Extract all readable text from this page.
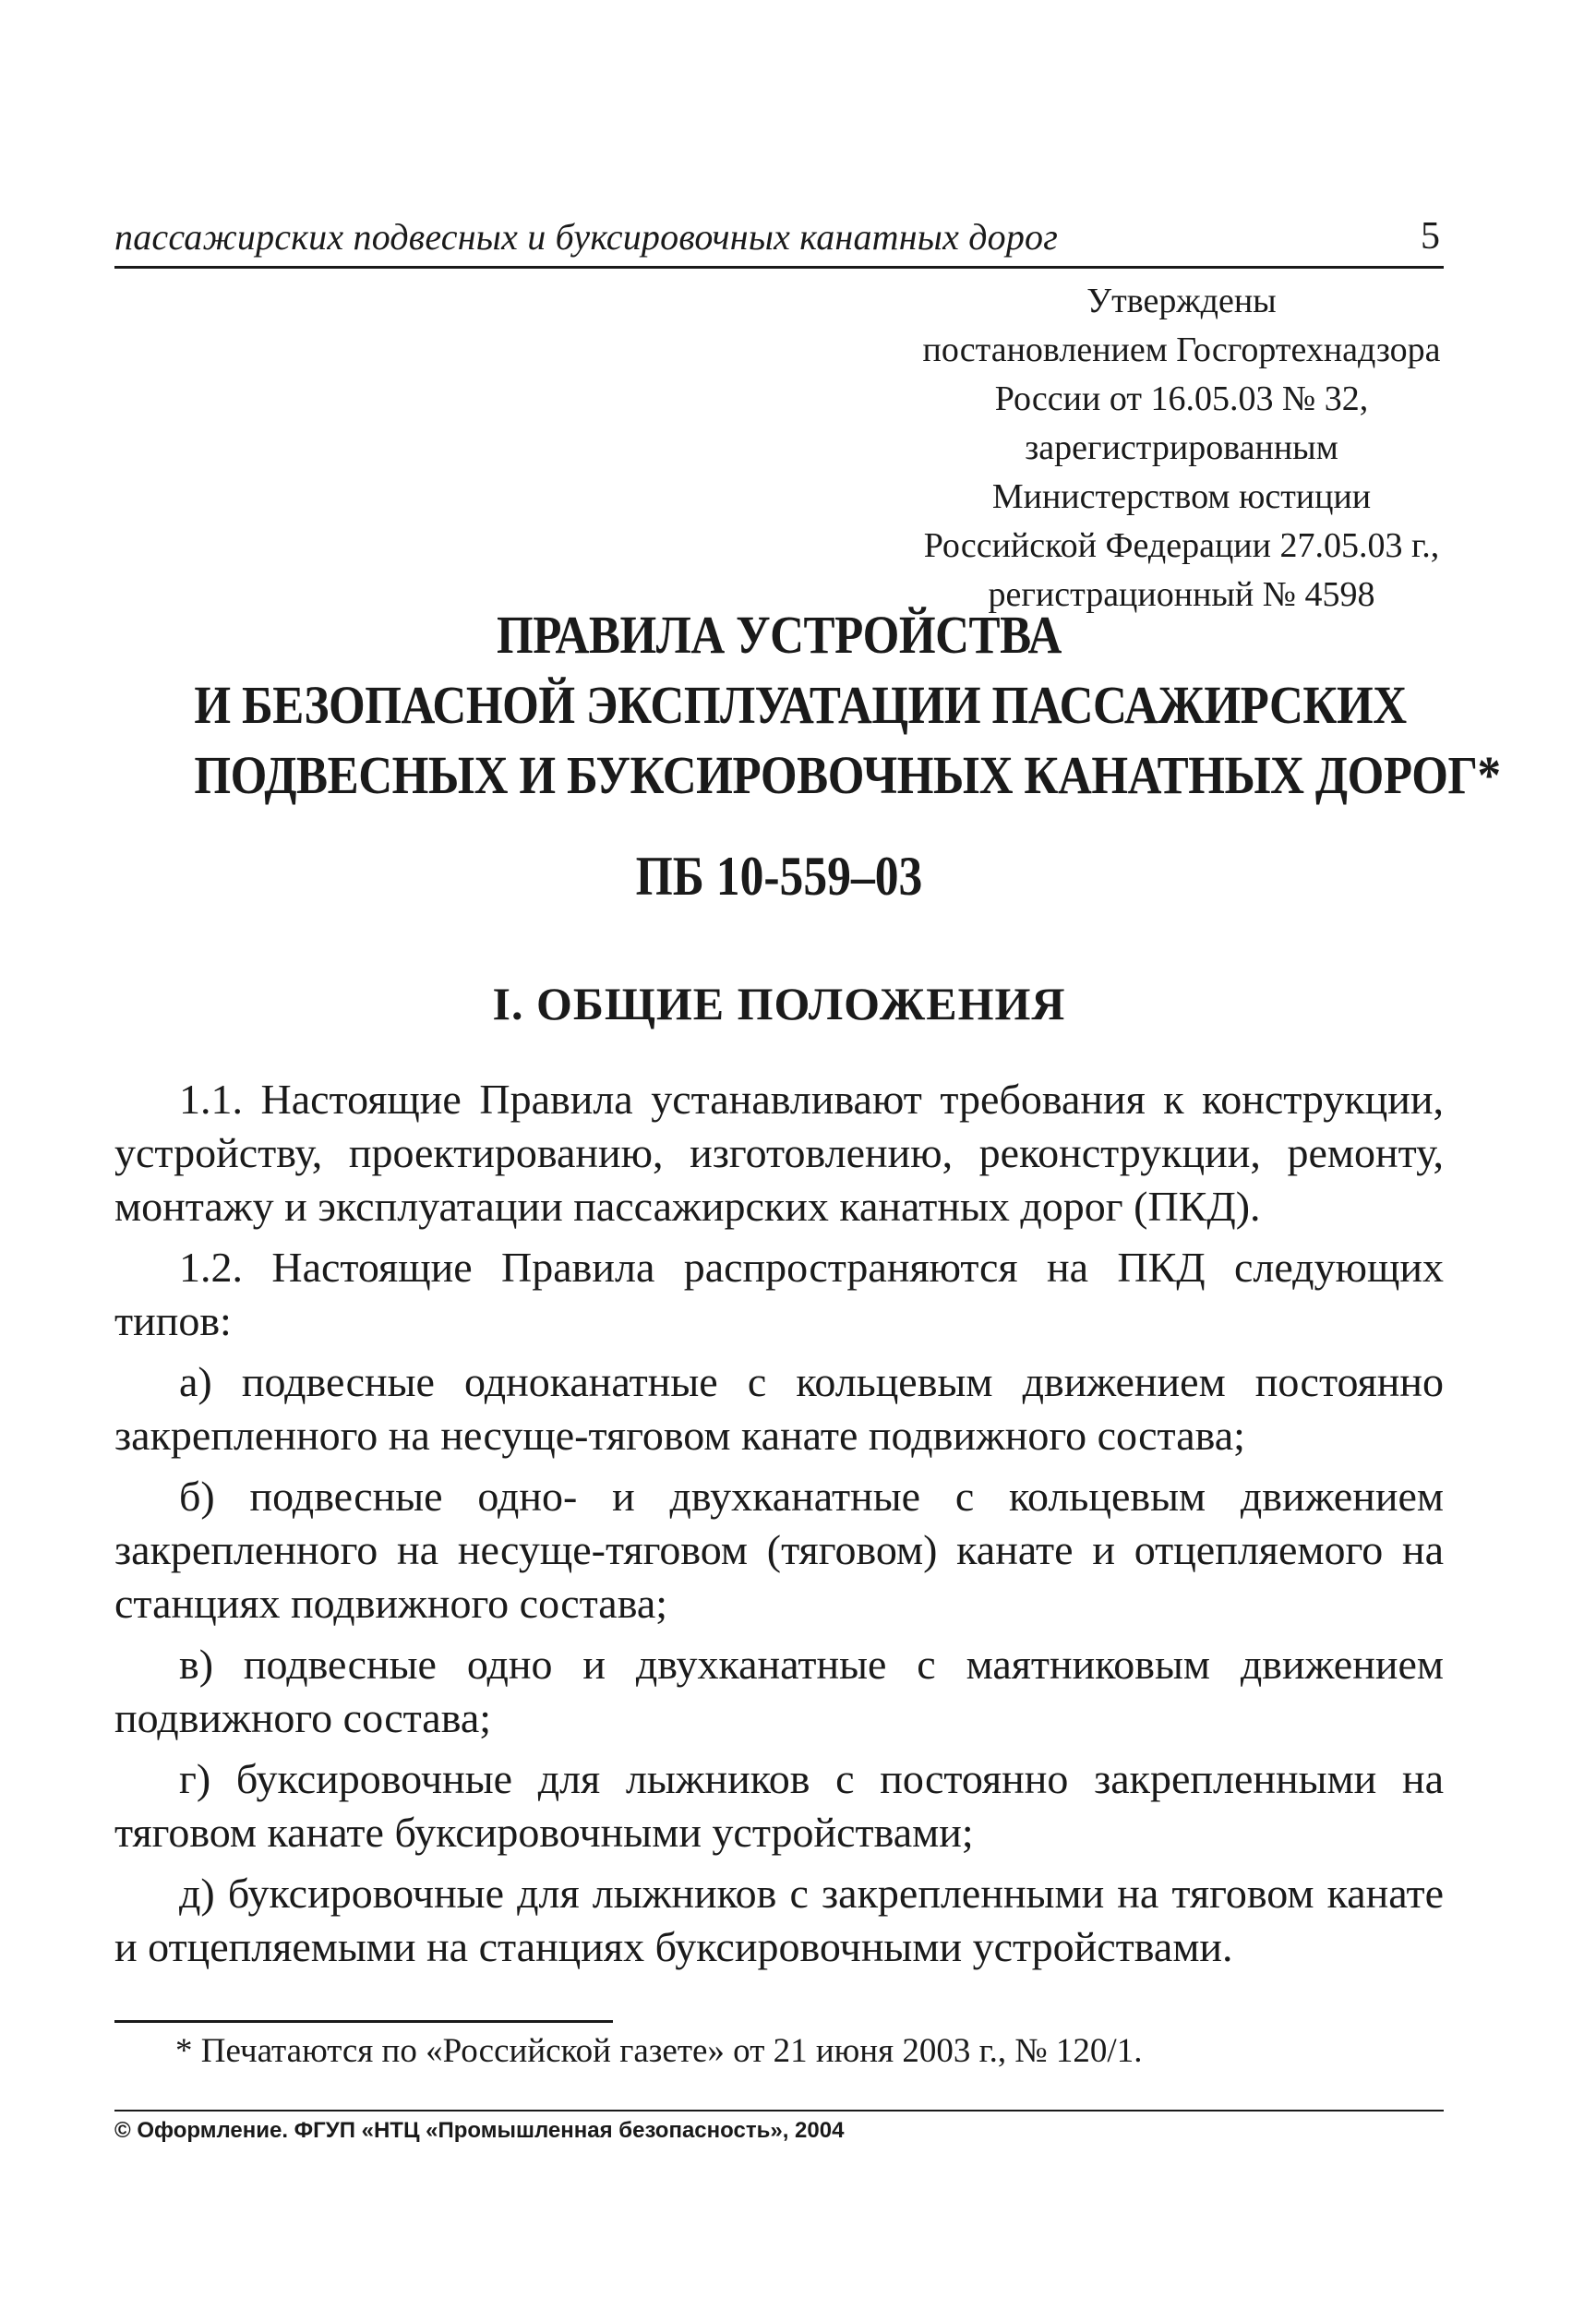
пассажирских подвесных и буксировочных канатных дорог	5
Утверждены
постановлением Госгортехнадзора
России от 16.05.03 № 32,
зарегистрированным
Министерством юстиции
Российской Федерации 27.05.03 г.,
регистрационный № 4598
ПРАВИЛА УСТРОЙСТВА
И БЕЗОПАСНОЙ ЭКСПЛУАТАЦИИ ПАССАЖИРСКИХ
ПОДВЕСНЫХ И БУКСИРОВОЧНЫХ КАНАТНЫХ ДОРОГ*
ПБ 10-559–03
I. ОБЩИЕ ПОЛОЖЕНИЯ

1.1. Настоящие Правила устанавливают требования к конструкции, устройству, проектированию, изготовлению, реконструкции, ремонту, монтажу и эксплуатации пассажирских канатных дорог (ПКД).

1.2. Настоящие Правила распространяются на ПКД следующих типов:

а) подвесные одноканатные с кольцевым движением постоянно закрепленного на несуще-тяговом канате подвижного состава;

б) подвесные одно- и двухканатные с кольцевым движением закрепленного на несуще-тяговом (тяговом) канате и отцепляемого на станциях подвижного состава;

в) подвесные одно и двухканатные с маятниковым движением подвижного состава;

г) буксировочные для лыжников с постоянно закрепленными на тяговом канате буксировочными устройствами;

д) буксировочные для лыжников с закрепленными на тяговом канате и отцепляемыми на станциях буксировочными устройствами.

* Печатаются по «Российской газете» от 21 июня 2003 г., № 120/1.
© Оформление. ФГУП «НТЦ «Промышленная безопасность», 2004
